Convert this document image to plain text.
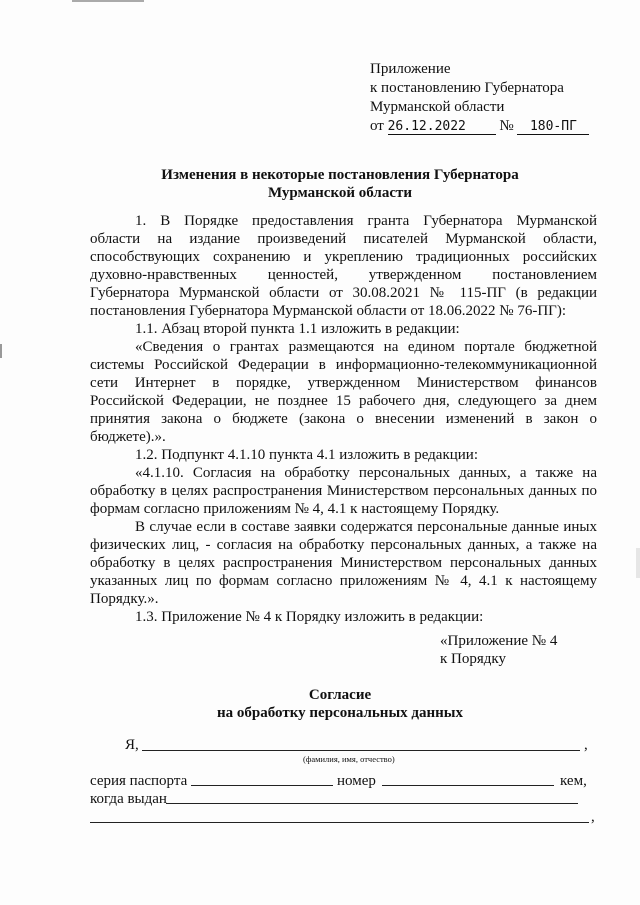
Приложение
к постановлению Губернатора
Мурманской области
от 26.12.2022 № 180-ПГ
Изменения в некоторые постановления Губернатора
Мурманской области

1. В Порядке предоставления гранта Губернатора Мурманской

области на издание произведений писателей Мурманской области,

способствующих сохранению и укреплению традиционных российских

духовно-нравственных ценностей, утвержденном постановлением

Губернатора Мурманской области от 30.08.2021 № 115-ПГ (в редакции

постановления Губернатора Мурманской области от 18.06.2022 № 76-ПГ):

1.1. Абзац второй пункта 1.1 изложить в редакции:

«Сведения о грантах размещаются на едином портале бюджетной

системы Российской Федерации в информационно-телекоммуникационной

сети Интернет в порядке, утвержденном Министерством финансов

Российской Федерации, не позднее 15 рабочего дня, следующего за днем

принятия закона о бюджете (закона о внесении изменений в закон о

бюджете).».

1.2. Подпункт 4.1.10 пункта 4.1 изложить в редакции:

«4.1.10. Согласия на обработку персональных данных, а также на

обработку в целях распространения Министерством персональных данных по

формам согласно приложениям № 4, 4.1 к настоящему Порядку.

В случае если в составе заявки содержатся персональные данные иных

физических лиц, - согласия на обработку персональных данных, а также на

обработку в целях распространения Министерством персональных данных

указанных лиц по формам согласно приложениям № 4, 4.1 к настоящему

Порядку.».

1.3. Приложение № 4 к Порядку изложить в редакции:

«Приложение № 4
к Порядку
Согласие
на обработку персональных данных
Я,	,
(фамилия, имя, отчество)
серия паспорта	номер	кем,
когда выдан
,
